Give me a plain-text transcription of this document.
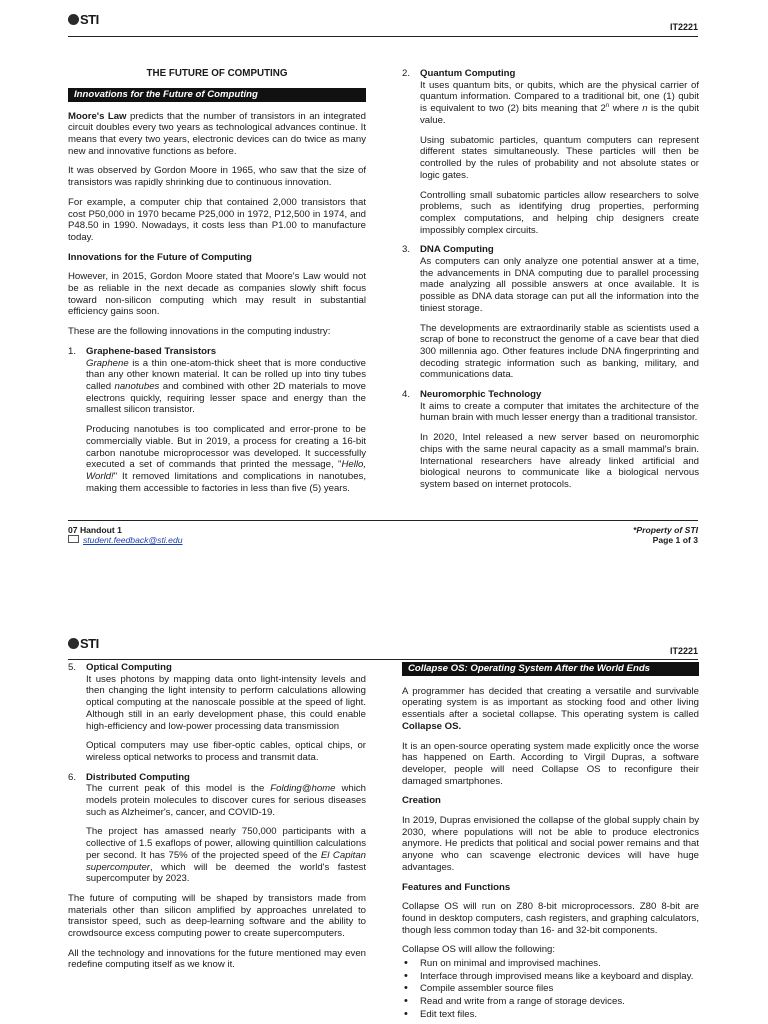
STI	IT2221
THE FUTURE OF COMPUTING
Innovations for the Future of Computing

Moore's Law predicts that the number of transistors in an integrated circuit doubles every two years as technological advances continue. It means that every two years, electronic devices can do twice as many new and innovative functions as before.

It was observed by Gordon Moore in 1965, who saw that the size of transistors was rapidly shrinking due to continuous innovation.

For example, a computer chip that contained 2,000 transistors that cost P50,000 in 1970 became P25,000 in 1972, P12,500 in 1974, and P48.50 in 1990. Nowadays, it costs less than P1.00 to manufacture today.

Innovations for the Future of Computing

However, in 2015, Gordon Moore stated that Moore's Law would not be as reliable in the next decade as companies slowly shift focus toward non-silicon computing which may result in substantial efficiency gains soon.

These are the following innovations in the computing industry:

1. Graphene-based Transistors

Graphene is a thin one-atom-thick sheet that is more conductive than any other known material. It can be rolled up into tiny tubes called nanotubes and combined with other 2D materials to move electrons quickly, requiring lesser space and energy than the smallest silicon transistor.

Producing nanotubes is too complicated and error-prone to be commercially viable. But in 2019, a process for creating a 16-bit carbon nanotube microprocessor was developed. It successfully executed a set of commands that printed the message, "Hello, World!" It removed limitations and complications in nanotubes, making them accessible to factories in less than five (5) years.

2. Quantum Computing

It uses quantum bits, or qubits, which are the physical carrier of quantum information. Compared to a traditional bit, one (1) qubit is equivalent to two (2) bits meaning that 2$^n$ where n is the qubit value.

Using subatomic particles, quantum computers can represent different states simultaneously. These particles will then be controlled by the rules of probability and not absolute states or logic gates.

Controlling small subatomic particles allow researchers to solve problems, such as identifying drug properties, performing complex computations, and helping chip designers create impossibly complex circuits.

3. DNA Computing

As computers can only analyze one potential answer at a time, the advancements in DNA computing due to parallel processing made analyzing all possible answers at once available. It is possible as DNA data storage can put all the information into the tiniest storage.

The developments are extraordinarily stable as scientists used a scrap of bone to reconstruct the genome of a cave bear that died 300 millennia ago. Other features include DNA fingerprinting and decoding strategic information such as banking, military, and communications data.

4. Neuromorphic Technology

It aims to create a computer that imitates the architecture of the human brain with much lesser energy than a traditional transistor.

In 2020, Intel released a new server based on neuromorphic chips with the same neural capacity as a small mammal's brain. International researchers have already linked artificial and biological neurons to communicate like a biological nervous system based on internet protocols.

07 Handout 1
student.feedback@sti.edu
*Property of STI
Page 1 of 3
STI	IT2221
5. Optical Computing

It uses photons by mapping data onto light-intensity levels and then changing the light intensity to perform calculations allowing optical computing at the nanoscale possible at the speed of light. Although still in an early development phase, this could enable high-efficiency and low-power processing data transmission

Optical computers may use fiber-optic cables, optical chips, or wireless optical networks to process and transmit data.

6. Distributed Computing

The current peak of this model is the Folding@home which models protein molecules to discover cures for serious diseases such as Alzheimer's, cancer, and COVID-19.

The project has amassed nearly 750,000 participants with a collective of 1.5 exaflops of power, allowing quintillion calculations per second. It has 75% of the projected speed of the El Capitan supercomputer, which will be deemed the world's fastest supercomputer by 2023.

The future of computing will be shaped by transistors made from materials other than silicon amplified by approaches unrelated to transistor speed, such as deep-learning software and the ability to crowdsource excess computing power to create supercomputers.

All the technology and innovations for the future mentioned may even redefine computing itself as we know it.

Collapse OS: Operating System After the World Ends

A programmer has decided that creating a versatile and survivable operating system is as important as stocking food and other living essentials after a societal collapse. This operating system is called Collapse OS.

It is an open-source operating system made explicitly once the worse has happened on Earth. According to Virgil Dupras, a software developer, people will need Collapse OS to reconfigure their damaged smartphones.

Creation

In 2019, Dupras envisioned the collapse of the global supply chain by 2030, where populations will not be able to produce electronics anymore. He predicts that political and social power remains and that anyone who can scavenge electronic devices will have huge advantages.

Features and Functions

Collapse OS will run on Z80 8-bit microprocessors. Z80 8-bit are found in desktop computers, cash registers, and graphing calculators, though less common today than 16- and 32-bit components.

Collapse OS will allow the following:

• Run on minimal and improvised machines.
• Interface through improvised means like a keyboard and display.
• Compile assembler source files
• Read and write from a range of storage devices.
• Edit text files.
